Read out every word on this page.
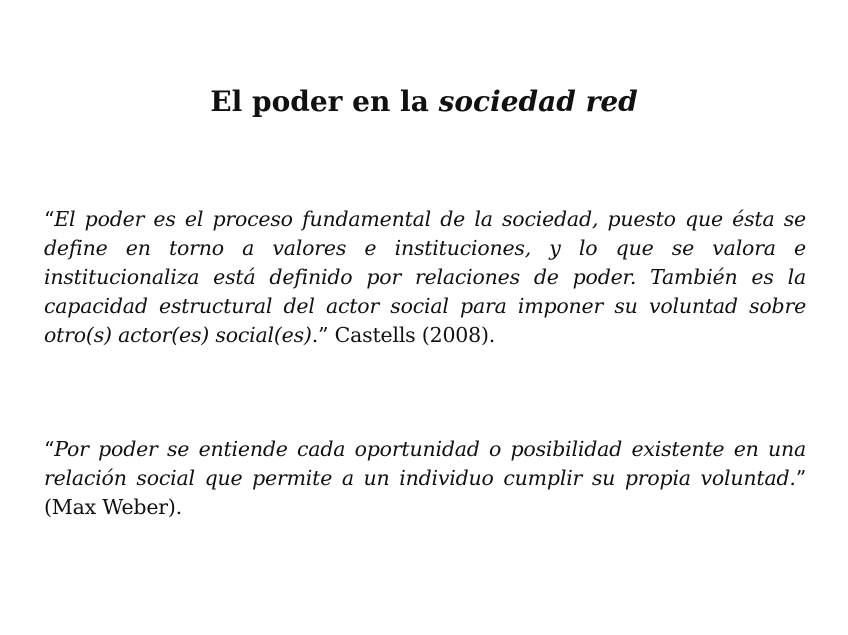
El poder en la sociedad red

“El poder es el proceso fundamental de la sociedad, puesto que ésta se define en torno a valores e instituciones, y lo que se valora e institucionaliza está definido por relaciones de poder. También es la capacidad estructural del actor social para imponer su voluntad sobre otro(s) actor(es) social(es).” Castells (2008).

“Por poder se entiende cada oportunidad o posibilidad existente en una relación social que permite a un individuo cumplir su propia voluntad.” (Max Weber).
